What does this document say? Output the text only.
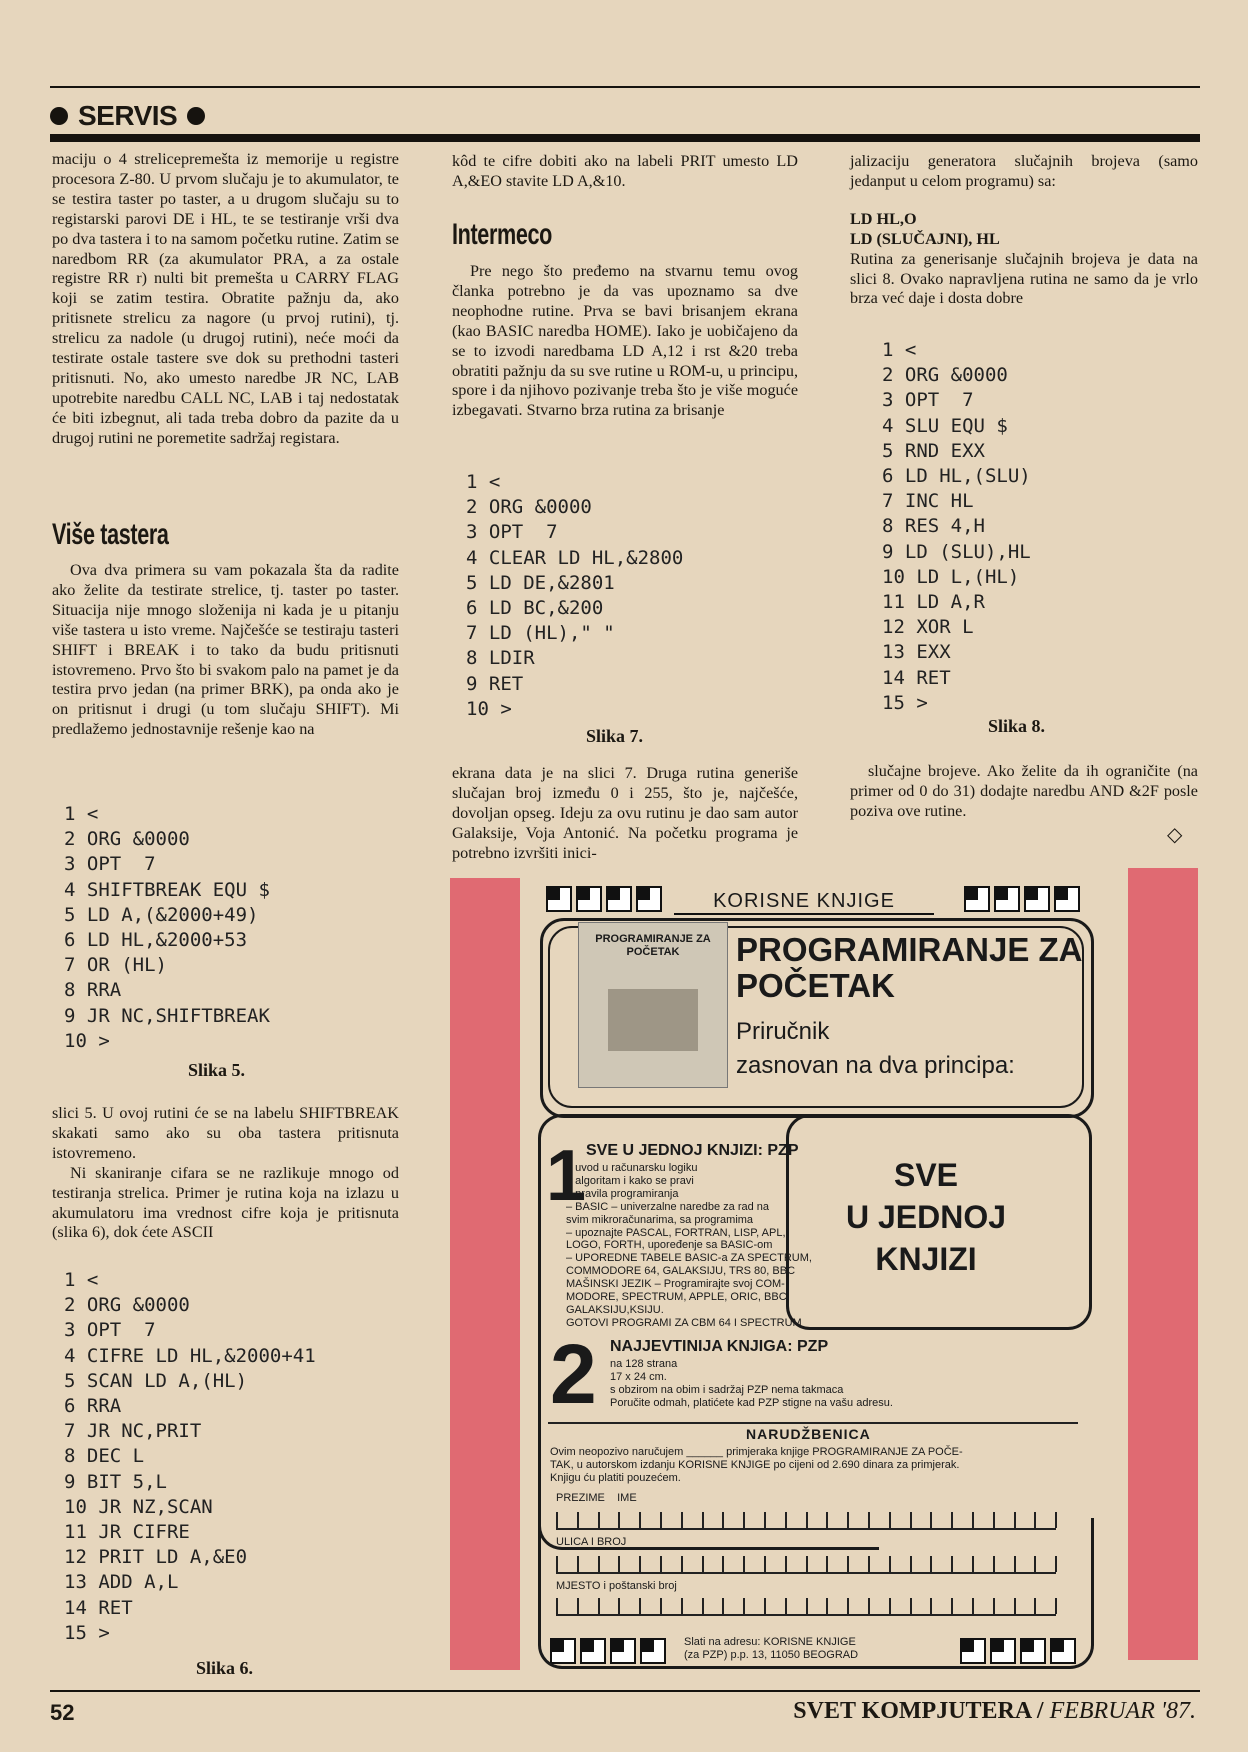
SERVIS

maciju o 4 strelicepremešta iz memorije u registre procesora Z-80. U prvom slučaju je to akumulator, te se testira taster po taster, a u drugom slučaju su to registarski parovi DE i HL, te se testiranje vrši dva po dva tastera i to na samom početku rutine. Zatim se naredbom RR (za akumulator PRA, a za ostale registre RR r) nulti bit premešta u CARRY FLAG koji se zatim testira. Obratite pažnju da, ako pritisnete strelicu za nagore (u prvoj rutini), tj. strelicu za nadole (u drugoj rutini), neće moći da testirate ostale tastere sve dok su prethodni tasteri pritisnuti. No, ako umesto naredbe JR NC, LAB upotrebite naredbu CALL NC, LAB i taj nedostatak će biti izbegnut, ali tada treba dobro da pazite da u drugoj rutini ne poremetite sadržaj registara.

Više tastera

Ova dva primera su vam pokazala šta da radite ako želite da testirate strelice, tj. taster po taster. Situacija nije mnogo složenija ni kada je u pitanju više tastera u isto vreme. Najčešće se testiraju tasteri SHIFT i BREAK i to tako da budu pritisnuti istovremeno. Prvo što bi svakom palo na pamet je da testira prvo jedan (na primer BRK), pa onda ako je on pritisnut i drugi (u tom slučaju SHIFT). Mi predlažemo jednostavnije rešenje kao na

1 <
2 ORG &0000
3 OPT  7
4 SHIFTBREAK EQU $
5 LD A,(&2000+49)
6 LD HL,&2000+53
7 OR (HL)
8 RRA
9 JR NC,SHIFTBREAK
10 >
Slika 5.

slici 5. U ovoj rutini će se na labelu SHIFTBREAK skakati samo ako su oba tastera pritisnuta istovremeno.

Ni skaniranje cifara se ne razlikuje mnogo od testiranja strelica. Primer je rutina koja na izlazu u akumulatoru ima vrednost cifre koja je pritisnuta (slika 6), dok ćete ASCII

1 <
2 ORG &0000
3 OPT  7
4 CIFRE LD HL,&2000+41
5 SCAN LD A,(HL)
6 RRA
7 JR NC,PRIT
8 DEC L
9 BIT 5,L
10 JR NZ,SCAN
11 JR CIFRE
12 PRIT LD A,&E0
13 ADD A,L
14 RET
15 >
Slika 6.

kôd te cifre dobiti ako na labeli PRIT umesto LD A,&EO stavite LD A,&10.

Intermeco

Pre nego što pređemo na stvarnu temu ovog članka potrebno je da vas upoznamo sa dve neophodne rutine. Prva se bavi brisanjem ekrana (kao BASIC naredba HOME). Iako je uobičajeno da se to izvodi naredbama LD A,12 i rst &20 treba obratiti pažnju da su sve rutine u ROM-u, u principu, spore i da njihovo pozivanje treba što je više moguće izbegavati. Stvarno brza rutina za brisanje

1 <
2 ORG &0000
3 OPT  7
4 CLEAR LD HL,&2800
5 LD DE,&2801
6 LD BC,&200
7 LD (HL)," "
8 LDIR
9 RET
10 >
Slika 7.

ekrana data je na slici 7. Druga rutina generiše slučajan broj između 0 i 255, što je, najčešće, dovoljan opseg. Ideju za ovu rutinu je dao sam autor Galaksije, Voja Antonić. Na početku programa je potrebno izvršiti inici-

jalizaciju generatora slučajnih brojeva (samo jedanput u celom programu) sa:

LD HL,O

LD (SLUČAJNI), HL

Rutina za generisanje slučajnih brojeva je data na slici 8. Ovako napravljena rutina ne samo da je vrlo brza već daje i dosta dobre

1 <
2 ORG &0000
3 OPT  7
4 SLU EQU $
5 RND EXX
6 LD HL,(SLU)
7 INC HL
8 RES 4,H
9 LD (SLU),HL
10 LD L,(HL)
11 LD A,R
12 XOR L
13 EXX
14 RET
15 >
Slika 8.

slučajne brojeve. Ako želite da ih ograničite (na primer od 0 do 31) dodajte naredbu AND &2F posle poziva ove rutine.

◇
KORISNE KNJIGE
PROGRAMIRANJE ZA POČETAK	PROGRAMIRANJE ZA POČETAK
Priručnik
zasnovan na dva principa:
1 SVE U JEDNOJ KNJIZI: PZP
– uvod u računarsku logiku
– algoritam i kako se pravi
– pravila programiranja
– BASIC – univerzalne naredbe za rad na
svim mikroračunarima, sa programima
– upoznajte PASCAL, FORTRAN, LISP, APL,
LOGO, FORTH, upoređenje sa BASIC-om
– UPOREDNE TABELE BASIC-a ZA SPECTRUM,
COMMODORE 64, GALAKSIJU, TRS 80, BBC
MAŠINSKI JEZIK – Programirajte svoj COM-
MODORE, SPECTRUM, APPLE, ORIC, BBC,
GALAKSIJU,KSIJU.
GOTOVI PROGRAMI ZA CBM 64 I SPECTRUM
SVE
U JEDNOJ
KNJIZI
2 NAJJEVTINIJA KNJIGA: PZP
na 128 strana
17 x 24 cm.
s obzirom na obim i sadržaj PZP nema takmaca
Poručite odmah, platićete kad PZP stigne na vašu adresu.
NARUDŽBENICA
Ovim neopozivo naručujem ______ primjeraka knjige PROGRAMIRANJE ZA POČE-
TAK, u autorskom izdanju KORISNE KNJIGE po cijeni od 2.690 dinara za primjerak.
Knjigu ću platiti pouzećem.
PREZIME    IME
ULICA I BROJ
MJESTO i poštanski broj
Slati na adresu: KORISNE KNJIGE
(za PZP) p.p. 13, 11050 BEOGRAD
52	SVET KOMPJUTERA / FEBRUAR '87.
